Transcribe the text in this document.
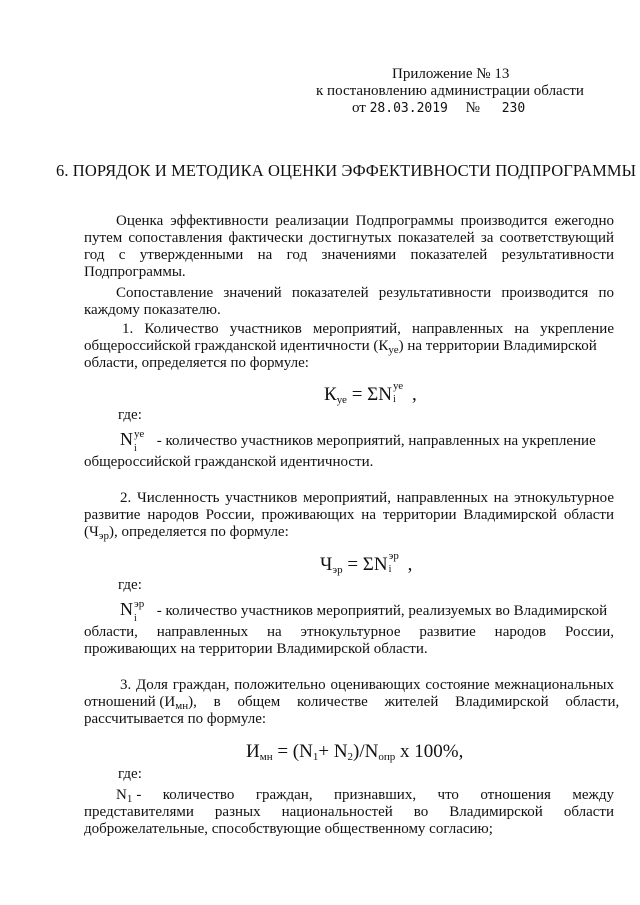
Приложение № 13
к постановлению администрации области
от 28.03.2019 № 230
6. ПОРЯДОК И МЕТОДИКА ОЦЕНКИ ЭФФЕКТИВНОСТИ ПОДПРОГРАММЫ
Оценка эффективности реализации Подпрограммы производится ежегодно
путем сопоставления фактически достигнутых показателей за соответствующий
год с утвержденными на год значениями показателей результативности
Подпрограммы.
Сопоставление значений показателей результативности производится по
каждому показателю.
1. Количество участников мероприятий, направленных на укрепление
общероссийской гражданской идентичности $(К_{уе})$ на территории Владимирской
области, определяется по формуле:
$К_{уе} = \Sigma N$ уе
i ,
где:
N уе
i - количество участников мероприятий, направленных на укрепление
общероссийской гражданской идентичности.
2. Численность участников мероприятий, направленных на этнокультурное
развитие народов России, проживающих на территории Владимирской области
$(Ч_{эр})$, определяется по формуле:
$Ч_{эр} = \Sigma N$ эр
i ,
где:
N эр
i - количество участников мероприятий, реализуемых во Владимирской
области, направленных на этнокультурное развитие народов России,
проживающих на территории Владимирской области.
3. Доля граждан, положительно оценивающих состояние межнациональных
отношений $(И_{мн})$, в общем количестве жителей Владимирской области,
рассчитывается по формуле:
$И_{мн} = (N_1+ N_2)/N_{опр}$ x 100%,
где:
$N_1$ - количество граждан, признавших, что отношения между
представителями разных национальностей во Владимирской области
доброжелательные, способствующие общественному согласию;
